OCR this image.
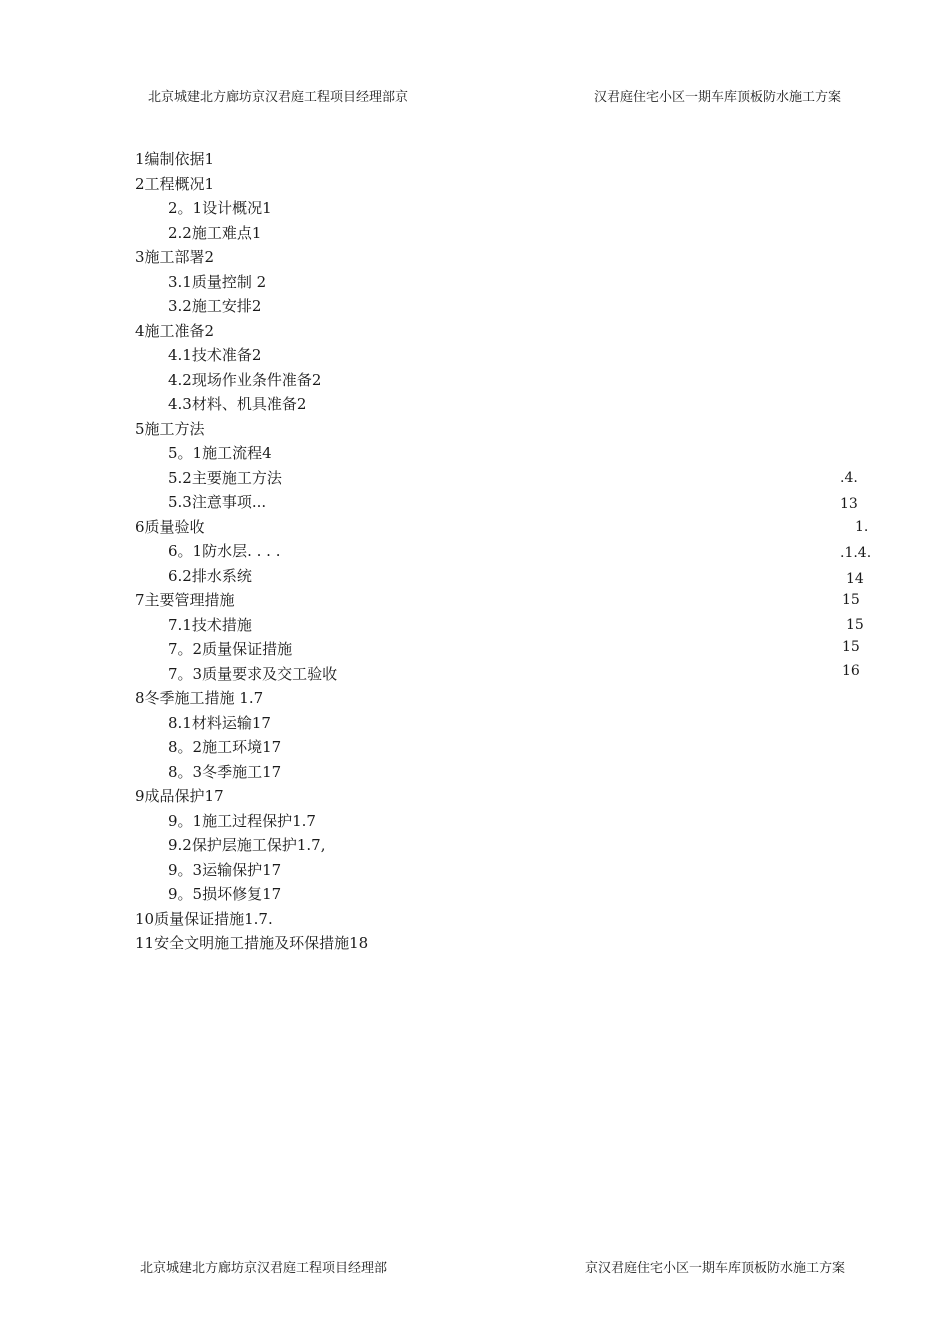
北京城建北方廊坊京汉君庭工程项目经理部京	汉君庭住宅小区一期车库顶板防水施工方案
1编制依据1
2工程概况1
2。1设计概况1
2.2施工难点1
3施工部署2
3.1质量控制 2
3.2施工安排2
4施工准备2
4.1技术准备2
4.2现场作业条件准备2
4.3材料、机具准备2
5施工方法
5。1施工流程4
5.2主要施工方法	.4.
5.3注意事项...	13
6质量验收	1.
6。1防水层. . . .	.1.4.
6.2排水系统	14
7主要管理措施	15
7.1技术措施	15
7。2质量保证措施	15
7。3质量要求及交工验收	16
8冬季施工措施 1.7
8.1材料运输17
8。2施工环境17
8。3冬季施工17
9成品保护17
9。1施工过程保护1.7
9.2保护层施工保护1.7,
9。3运输保护17
9。5损坏修复17
10质量保证措施1.7.
11安全文明施工措施及环保措施18
北京城建北方廊坊京汉君庭工程项目经理部	京汉君庭住宅小区一期车库顶板防水施工方案
